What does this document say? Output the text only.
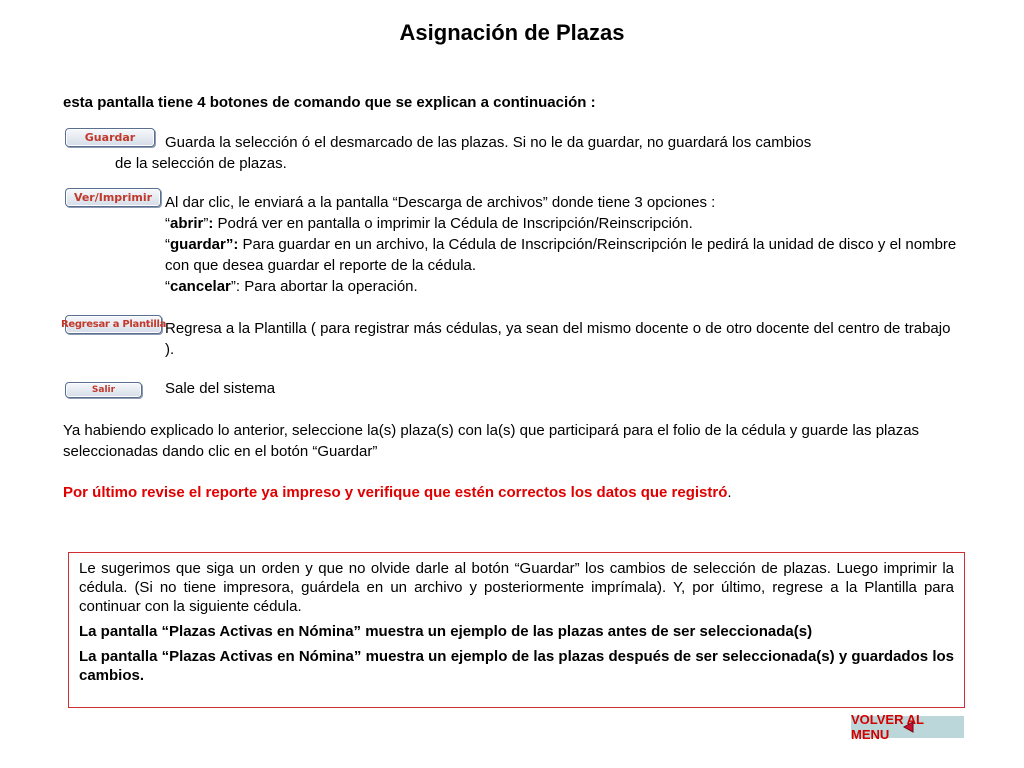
Asignación de Plazas
esta pantalla tiene 4 botones de comando que se explican a continuación :
Guardar	Guarda la selección ó el desmarcado de las plazas. Si no le da guardar, no guardará los cambios

de la selección de plazas.
Ver/Imprimir Al dar clic, le enviará a la pantalla “Descarga de archivos” donde tiene 3 opciones :

“abrir”: Podrá ver en pantalla o imprimir la Cédula de Inscripción/Reinscripción.

“guardar”: Para guardar en un archivo, la Cédula de Inscripción/Reinscripción le pedirá la unidad de disco y el nombre con que desea guardar el reporte de la cédula.

“cancelar”: Para abortar la operación.

Regresar a Plantilla

Regresa a la Plantilla ( para registrar más cédulas, ya sean del mismo docente o de otro docente del centro de trabajo ).

Salir	Sale del sistema

Ya habiendo explicado lo anterior, seleccione la(s) plaza(s) con la(s) que participará para el folio de la cédula y guarde las plazas seleccionadas dando clic en el botón “Guardar”
Por último revise el reporte ya impreso y verifique que estén correctos los datos que registró.

Le sugerimos que siga un orden y que no olvide darle al botón “Guardar” los cambios de selección de plazas. Luego imprimir la cédula. (Si no tiene impresora, guárdela en un archivo y posteriormente imprímala). Y, por último, regrese a la Plantilla para continuar con la siguiente cédula.

La pantalla “Plazas Activas en Nómina” muestra un ejemplo de las plazas antes de ser seleccionada(s)

La pantalla “Plazas Activas en Nómina” muestra un ejemplo de las plazas después de ser seleccionada(s) y guardados los cambios.

VOLVER AL MENU
